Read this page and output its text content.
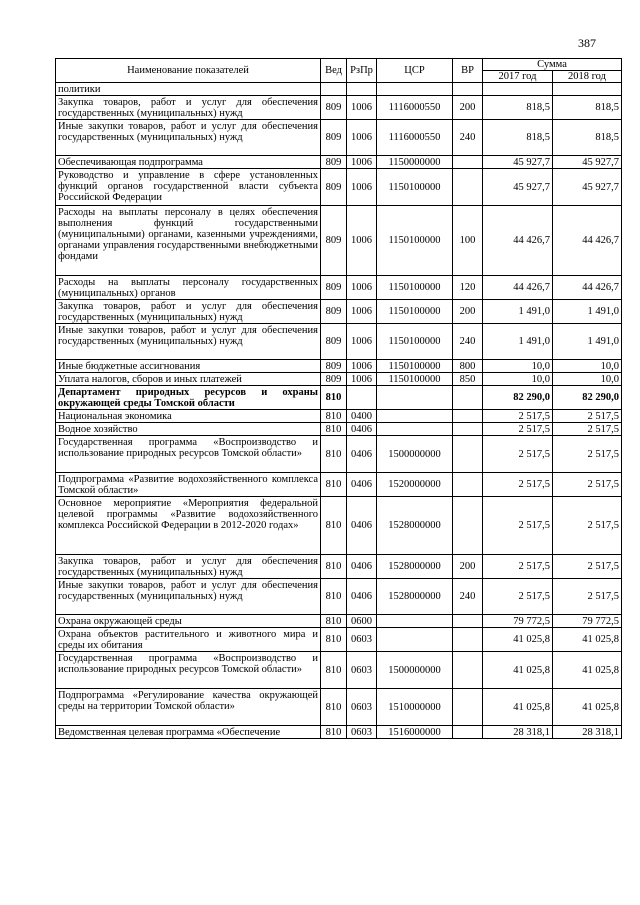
387
Наименование показателей	Вед	РзПр	ЦСР	ВР	Сумма	
					2017 год	2018 год
политики						
Закупка товаров, работ и услуг для обеспечения государственных (муниципальных) нужд	809	1006	1116000550	200	818,5	818,5
Иные закупки товаров, работ и услуг для обеспечения государственных (муниципальных) нужд	809	1006	1116000550	240	818,5	818,5
Обеспечивающая подпрограмма	809	1006	1150000000		45 927,7	45 927,7
Руководство и управление в сфере установленных функций органов государственной власти субъекта Российской Федерации	809	1006	1150100000		45 927,7	45 927,7
Расходы на выплаты персоналу в целях обеспечения выполнения функций государственными (муниципальными) органами, казенными учреждениями, органами управления государственными внебюджетными фондами	809	1006	1150100000	100	44 426,7	44 426,7
Расходы на выплаты персоналу государственных (муниципальных) органов	809	1006	1150100000	120	44 426,7	44 426,7
Закупка товаров, работ и услуг для обеспечения государственных (муниципальных) нужд	809	1006	1150100000	200	1 491,0	1 491,0
Иные закупки товаров, работ и услуг для обеспечения государственных (муниципальных) нужд	809	1006	1150100000	240	1 491,0	1 491,0
Иные бюджетные ассигнования	809	1006	1150100000	800	10,0	10,0
Уплата налогов, сборов и иных платежей	809	1006	1150100000	850	10,0	10,0
Департамент природных ресурсов и охраны окружающей среды Томской области	810				82 290,0	82 290,0
Национальная экономика	810	0400			2 517,5	2 517,5
Водное хозяйство	810	0406			2 517,5	2 517,5
Государственная программа «Воспроизводство и использование природных ресурсов Томской области»	810	0406	1500000000		2 517,5	2 517,5
Подпрограмма «Развитие водохозяйственного комплекса Томской области»	810	0406	1520000000		2 517,5	2 517,5
Основное мероприятие «Мероприятия федеральной целевой программы «Развитие водохозяйственного комплекса Российской Федерации в 2012-2020 годах»	810	0406	1528000000		2 517,5	2 517,5
Закупка товаров, работ и услуг для обеспечения государственных (муниципальных) нужд	810	0406	1528000000	200	2 517,5	2 517,5
Иные закупки товаров, работ и услуг для обеспечения государственных (муниципальных) нужд	810	0406	1528000000	240	2 517,5	2 517,5
Охрана окружающей среды	810	0600			79 772,5	79 772,5
Охрана объектов растительного и животного мира и среды их обитания	810	0603			41 025,8	41 025,8
Государственная программа «Воспроизводство и использование природных ресурсов Томской области»	810	0603	1500000000		41 025,8	41 025,8
Подпрограмма «Регулирование качества окружающей среды на территории Томской области»	810	0603	1510000000		41 025,8	41 025,8
Ведомственная целевая программа «Обеспечение	810	0603	1516000000		28 318,1	28 318,1
